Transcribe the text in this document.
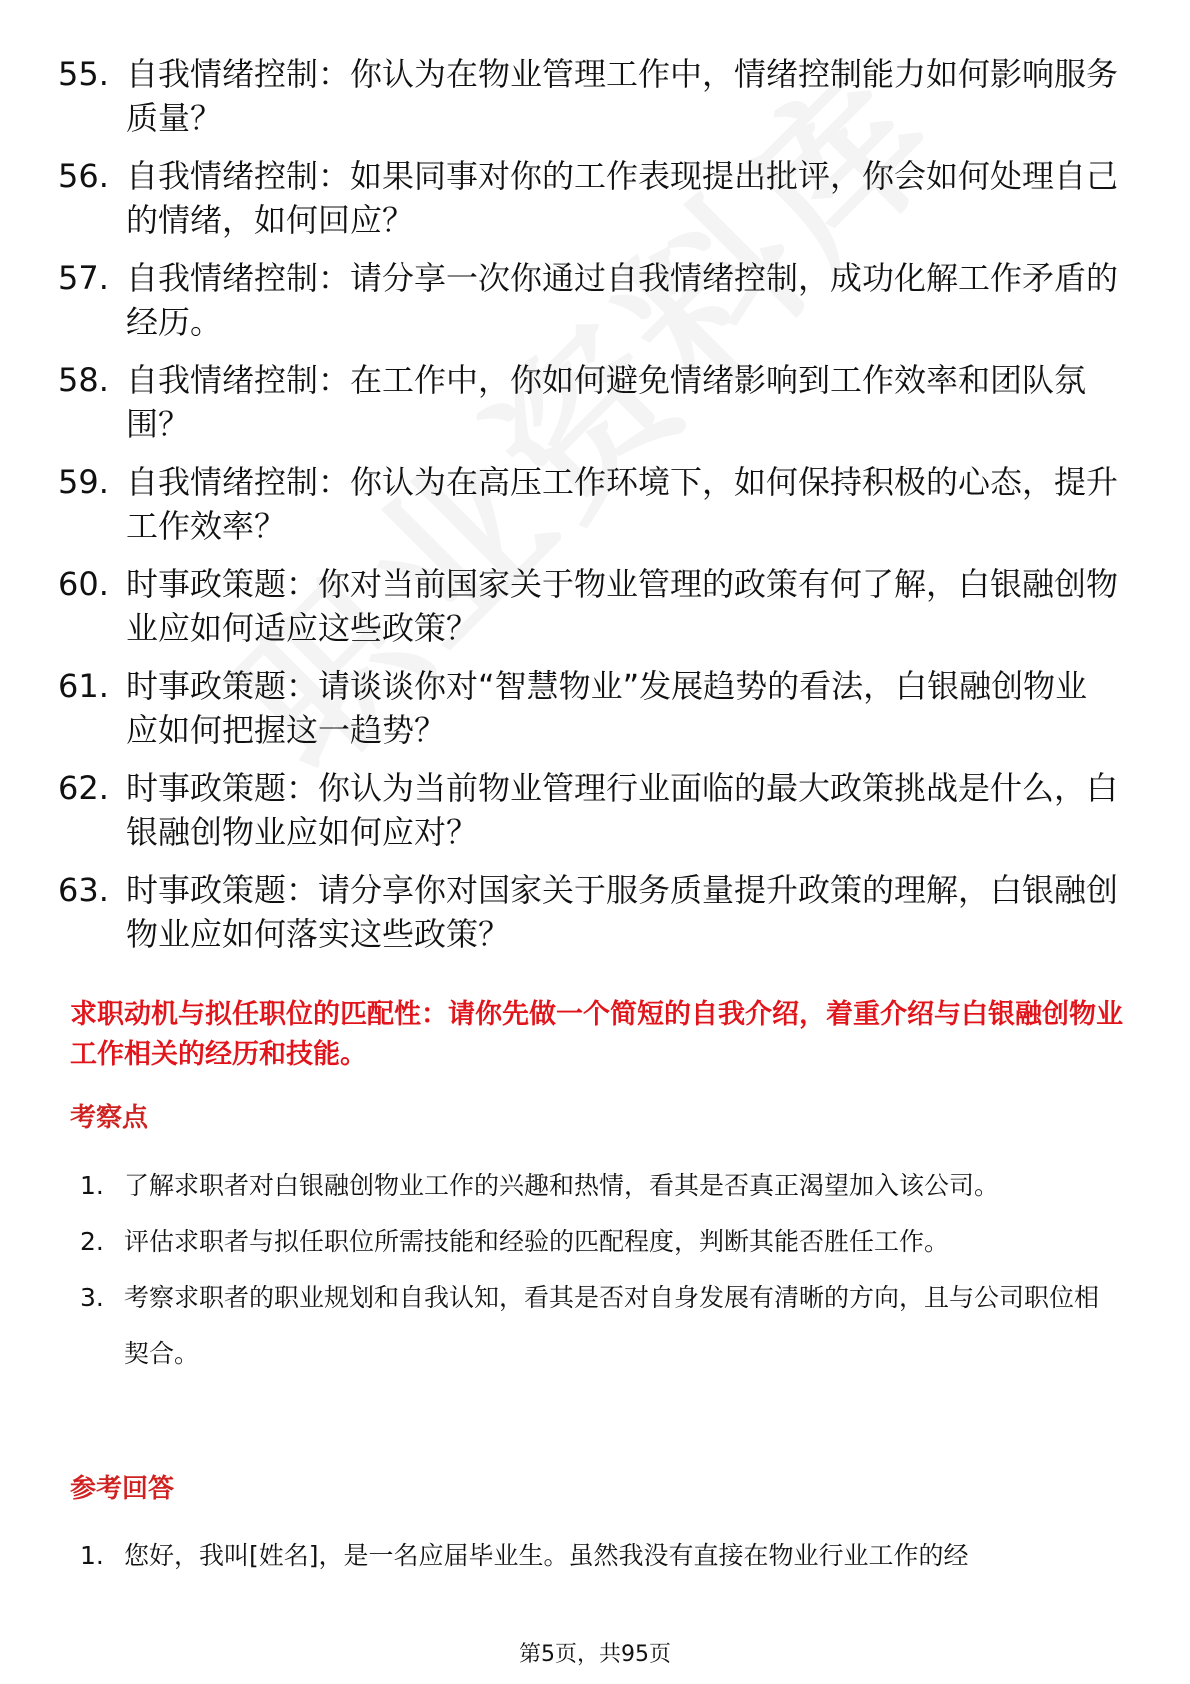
55. 自我情绪控制：你认为在物业管理工作中，情绪控制能力如何影响服务质量？
56. 自我情绪控制：如果同事对你的工作表现提出批评，你会如何处理自己的情绪，如何回应？
57. 自我情绪控制：请分享一次你通过自我情绪控制，成功化解工作矛盾的经历。
58. 自我情绪控制：在工作中，你如何避免情绪影响到工作效率和团队氛围？
59. 自我情绪控制：你认为在高压工作环境下，如何保持积极的心态，提升工作效率？
60. 时事政策题：你对当前国家关于物业管理的政策有何了解，白银融创物业应如何适应这些政策？
61. 时事政策题：请谈谈你对“智慧物业”发展趋势的看法，白银融创物业应如何把握这一趋势？
62. 时事政策题：你认为当前物业管理行业面临的最大政策挑战是什么，白银融创物业应如何应对？
63. 时事政策题：请分享你对国家关于服务质量提升政策的理解，白银融创物业应如何落实这些政策？
求职动机与拟任职位的匹配性：请你先做一个简短的自我介绍，着重介绍与白银融创物业工作相关的经历和技能。
考察点
1. 了解求职者对白银融创物业工作的兴趣和热情，看其是否真正渴望加入该公司。
2. 评估求职者与拟任职位所需技能和经验的匹配程度，判断其能否胜任工作。
3. 考察求职者的职业规划和自我认知，看其是否对自身发展有清晰的方向，且与公司职位相契合。
参考回答
1. 您好，我叫[姓名]，是一名应届毕业生。虽然我没有直接在物业行业工作的经
第5页，共95页
